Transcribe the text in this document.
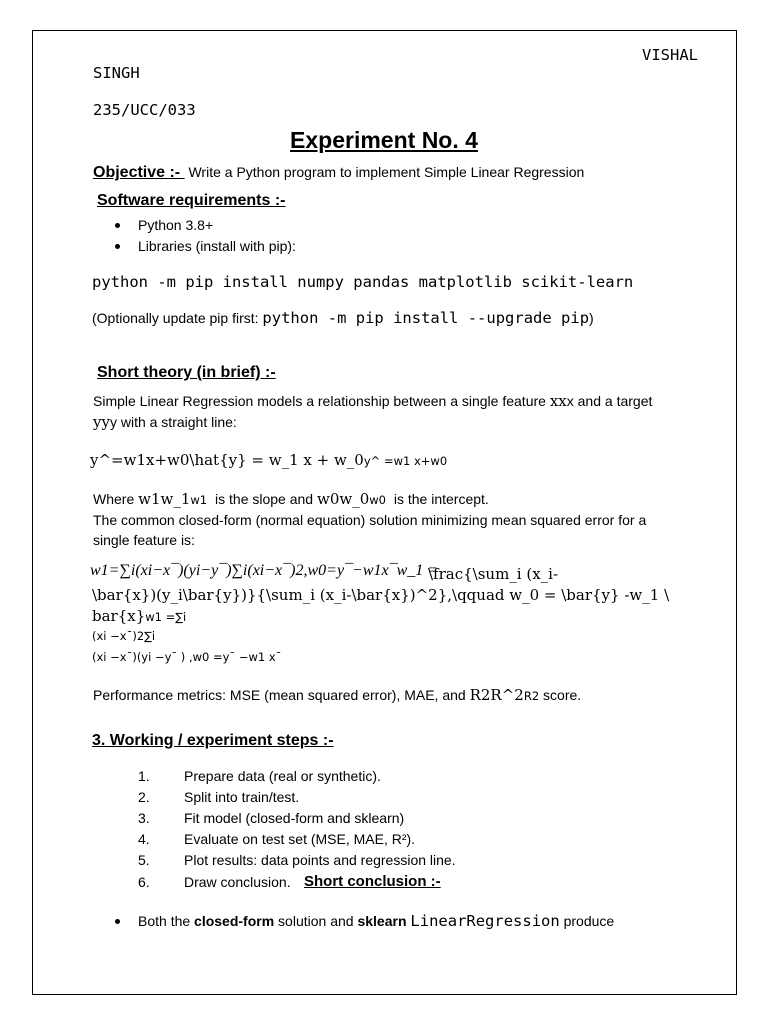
VISHAL
SINGH
235/UCC/033
Experiment No. 4
Objective :-  Write a Python program to implement Simple Linear Regression
Software requirements :-
Python 3.8+
Libraries (install with pip):
python -m pip install numpy pandas matplotlib scikit-learn
(Optionally update pip first: python -m pip install --upgrade pip)
Short theory (in brief) :-
Simple Linear Regression models a relationship between a single feature xxx and a target
yyy with a straight line:
y^=w1x+w0\hat{y} = w_1 x + w_0y^ =w1 x+w0
Where w1w_1w1 is the slope and w0w_0w0 is the intercept.
The common closed-form (normal equation) solution minimizing mean squared error for a
single feature is:
w1=∑i(xi−x¯)(yi−y¯)∑i(xi−x¯)2,w0=y¯−w1x¯w_1 =
\frac{\sum_i (x_i-
\bar{x})(y_i\bar{y})}{\sum_i (x_i-\bar{x})^2},\qquad w_0 = \bar{y} -w_1 \
bar{x}w1 =∑i
(xi −x¯)2∑i
(xi −x¯)(yi −y¯ ) ,w0 =y¯ −w1 x¯
Performance metrics: MSE (mean squared error), MAE, and R2R^2R2 score.
3. Working / experiment steps :-
1. Prepare data (real or synthetic).
2. Split into train/test.
3. Fit model (closed-form and sklearn)
4. Evaluate on test set (MSE, MAE, R²).
5. Plot results: data points and regression line.
6. Draw conclusion. Short conclusion :-
Both the closed-form solution and sklearn LinearRegression produce
